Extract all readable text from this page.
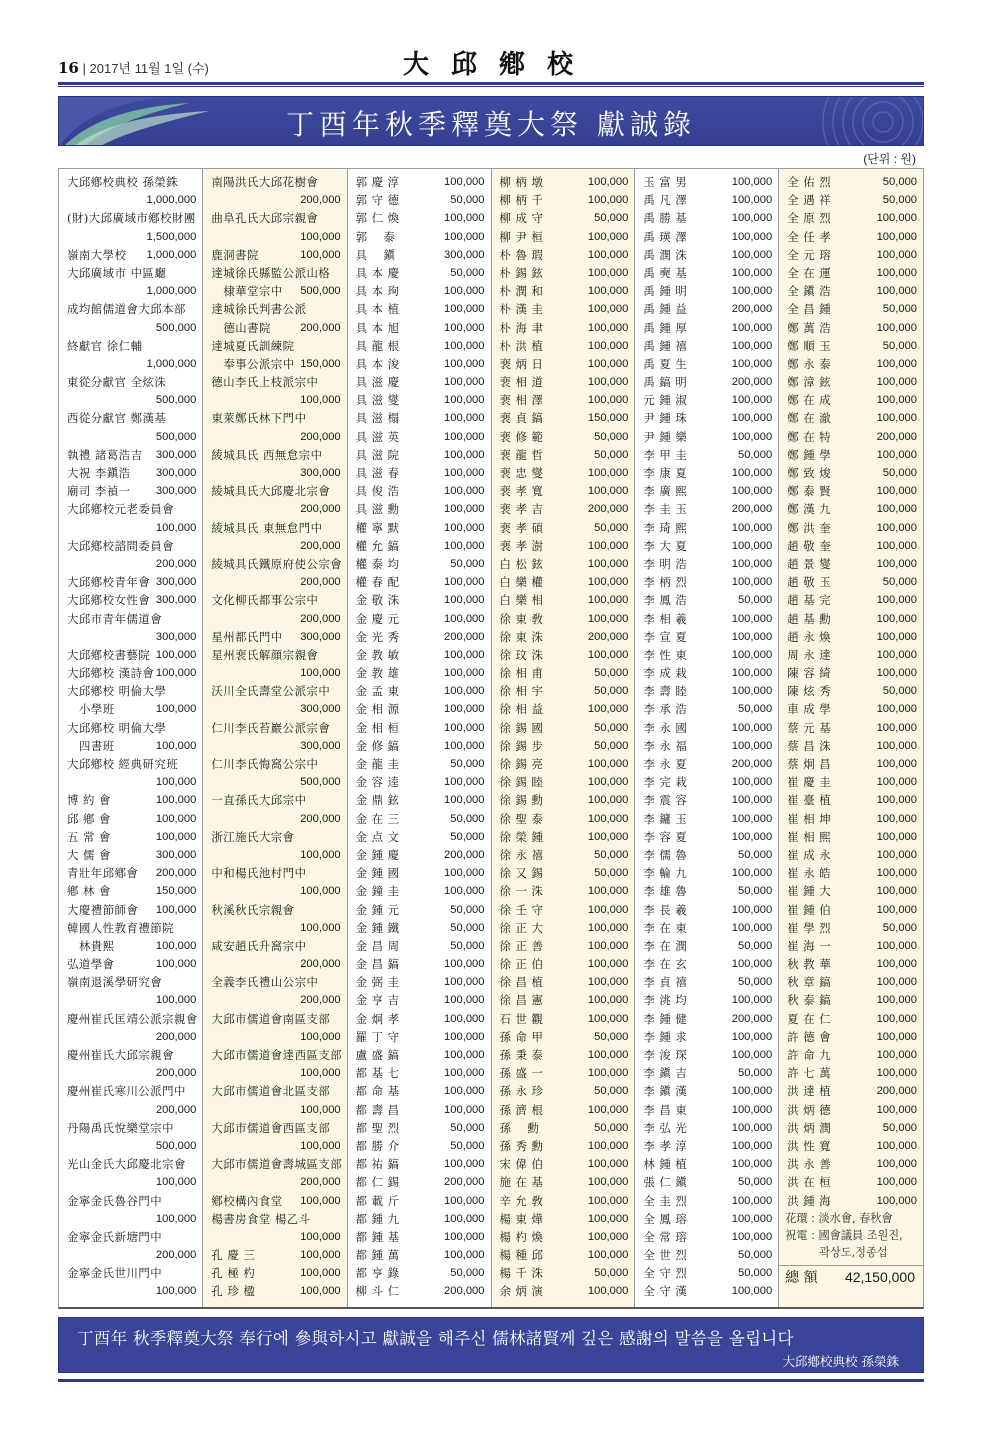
16 | 2017년 11월 1일 (수)	大邱鄕校
丁酉年秋季釋奠大祭 獻誠錄
(단위 : 원)
大邱鄕校典校 孫榮銖
1,000,000
(財)大邱廣域市鄕校財團
1,500,000
嶺南大學校 1,000,000
大邱廣域市 中區廳
1,000,000
成均館儒道會大邱本部
500,000
終獻官 徐仁輔
1,000,000
東從分獻官 全炫洙
500,000
西從分獻官 鄭漢基
500,000
執禮 諸葛浩吉 300,000
大祝 李鎭浩 300,000
廟司 李禎一 300,000
大邱鄕校元老委員會
100,000
大邱鄕校諮問委員會
200,000
大邱鄕校青年會 300,000
大邱鄕校女性會 300,000
大邱市青年儒道會
300,000
大邱鄕校書藝院 100,000
大邱鄕校 漢詩會 100,000
大邱鄕校 明倫大學
小學班	100,000
大邱鄕校 明倫大學
四書班	100,000
大邱鄕校 經典研究班
100,000
博 約 會	100,000
邱 鄕 會	100,000
五 常 會	100,000
大 儒 會	300,000
青壯年邱鄕會 200,000
鄕 林 會	150,000
大慶禮節師會 100,000
韓國人性教育禮節院
林貴熙	100,000
弘道學會	100,000
嶺南退溪學研究會
100,000
慶州崔氏匡靖公派宗親會
200,000
慶州崔氏大邱宗親會
200,000
慶州崔氏寒川公派門中
200,000
丹陽禹氏悅樂堂宗中
500,000
光山金氏大邱慶北宗會
100,000
金寧金氏魯谷門中
100,000
金寧金氏新塘門中
200,000
金寧金氏世川門中
100,000
南陽洪氏大邱花樹會
200,000
曲阜孔氏大邱宗親會
100,000
鹿洞書院	100,000
達城徐氏縣監公派山格
棣華堂宗中 500,000
達城徐氏判書公派
德山書院	200,000
達城夏氏訓練院
奉事公派宗中 150,000
德山李氏上枝派宗中
100,000
東萊鄭氏林下門中
200,000
綾城具氏 西無怠宗中
300,000
綾城具氏大邱慶北宗會
200,000
綾城具氏 東無怠門中
200,000
綾城具氏鐵原府使公宗會
200,000
文化柳氏都事公宗中
200,000
星州都氏門中 300,000
星州裵氏解顔宗親會
100,000
沃川全氏壽堂公派宗中
300,000
仁川李氏苔巖公派宗會
300,000
仁川李氏悔窩公宗中
500,000
一直孫氏大邱宗中
200,000
浙江施氏大宗會
100,000
中和楊氏池村門中
100,000
秋溪秋氏宗親會
100,000
咸安趙氏升窩宗中
200,000
全義李氏禮山公宗中
200,000
大邱市儒道會南區支部
100,000
大邱市儒道會達西區支部
100,000
大邱市儒道會北區支部
100,000
大邱市儒道會西區支部
100,000
大邱市儒道會壽城區支部
200,000
鄕校構內食堂 100,000
楊書房食堂 楊乙斗
100,000
孔 慶 三	100,000
孔 極 杓	100,000
孔 珍 楹	100,000
郭 慶 淳	100,000
郭 守 德	50,000
郭 仁 煥	100,000
郭　 泰	100,000
具　 鎭	300,000
具 本 慶	50,000
具 本 珣	100,000
具 本 植	100,000
具 本 旭	100,000
具 龍 根	100,000
具 本 浚	100,000
具 滋 慶	100,000
具 滋 燮	100,000
具 滋 榻	100,000
具 滋 英	100,000
具 滋 院	100,000
具 滋 春	100,000
具 俊 浩	100,000
具 滋 勳	100,000
權 寧 默	100,000
權 允 鎬	100,000
權 泰 均	50,000
權 春 配	100,000
金 敬 洙	100,000
金 慶 元	100,000
金 光 秀	200,000
金 教 敏	100,000
金 教 雄	100,000
金 孟 東	100,000
金 相 源	100,000
金 相 桓	100,000
金 修 鎬	100,000
金 龍 圭	50,000
金 容 逵	100,000
金 鼎 鉉	100,000
金 在 三	50,000
金 点 文	50,000
金 鍾 慶	200,000
金 鍾 國	100,000
金 鐘 圭	100,000
金 鍾 元	50,000
金 鍾 鐵	50,000
金 昌 周	50,000
金 昌 鎬	100,000
金 弼 圭	100,000
金 亨 吉	100,000
金 炯 孝	100,000
羅 丁 守	100,000
盧 盛 鎬	100,000
都 基 七	100,000
都 命 基	100,000
都 壽 昌	100,000
都 聖 烈	50,000
都 勝 介	50,000
都 祐 鎬	100,000
都 仁 錫	200,000
都 載 斤	100,000
都 鍾 九	100,000
都 鍾 基	100,000
都 鍾 萬	100,000
都 亨 錄	50,000
柳 斗 仁	200,000
柳 柄 墩	100,000
柳 柄 千	100,000
柳 成 守	50,000
柳 尹 桓	100,000
朴 魯 瑕	100,000
朴 錫 鉉	100,000
朴 潤 和	100,000
朴 漢 圭	100,000
朴 海 聿	100,000
朴 洪 植	100,000
裵 炳 日	100,000
裵 相 道	100,000
裵 相 澤	100,000
裵 貞 鎬	150,000
裵 修 範	50,000
裵 龍 哲	50,000
裵 忠 燮	100,000
裵 孝 寬	100,000
裵 孝 吉	200,000
裵 孝 碩	50,000
裵 孝 澍	100,000
白 松 鉉	100,000
白 樂 權	100,000
白 樂 相	100,000
徐 東 敎	100,000
徐 東 洙	200,000
徐 玟 洙	100,000
徐 相 甫	50,000
徐 相 宇	50,000
徐 相 益	100,000
徐 錫 國	50,000
徐 錫 步	50,000
徐 錫 亮	100,000
徐 錫 睦	100,000
徐 錫 勳	100,000
徐 聖 泰	100,000
徐 榮 鍾	100,000
徐 永 禧	50,000
徐 又 錫	50,000
徐 一 洙	100,000
徐 壬 守	100,000
徐 正 大	100,000
徐 正 善	100,000
徐 正 伯	100,000
徐 昌 植	100,000
徐 昌 憲	100,000
石 世 觀	100,000
孫 命 甲	50,000
孫 秉 泰	100,000
孫 盛 一	100,000
孫 永 珍	50,000
孫 濟 根	100,000
孫　 勳	50,000
孫 秀 勳	100,000
宋 偉 伯	100,000
施 在 基	100,000
辛 允 敎	100,000
楊 東 燁	100,000
楊 杓 煥	100,000
楊 種 邱	100,000
楊 千 洙	50,000
余 炳 演	100,000
玉 富 男	100,000
禹 凡 澤	100,000
禹 勝 基	100,000
禹 瑛 澤	100,000
禹 潤 洙	100,000
禹 奭 基	100,000
禹 鍾 明	100,000
禹 鍾 益	200,000
禹 鍾 厚	100,000
禹 鍾 禧	100,000
禹 夏 生	100,000
禹 鎬 明	200,000
元 鍾 淑	100,000
尹 鍾 珠	100,000
尹 鍾 樂	100,000
李 甲 圭	50,000
李 康 夏	100,000
李 廣 熙	100,000
李 圭 玉	200,000
李 琦 熙	100,000
李 大 夏	100,000
李 明 浩	100,000
李 柄 烈	100,000
李 鳳 浩	50,000
李 相 羲	100,000
李 宣 夏	100,000
李 性 東	100,000
李 成 栽	100,000
李 壽 睦	100,000
李 承 浩	50,000
李 永 國	100,000
李 永 福	100,000
李 永 夏	200,000
李 完 栽	100,000
李 震 容	100,000
李 鏞 玉	100,000
李 容 夏	100,000
李 儒 魯	50,000
李 輪 九	100,000
李 雄 魯	50,000
李 長 羲	100,000
李 在 東	100,000
李 在 潤	50,000
李 在 玄	100,000
李 貞 禧	50,000
李 洮 均	100,000
李 鍾 健	200,000
李 鍾 求	100,000
李 浚 琛	100,000
李 鎭 吉	50,000
李 鎭 漢	100,000
李 昌 東	100,000
李 弘 光	100,000
李 孝 淳	100,000
林 鍾 植	100,000
張 仁 鎭	50,000
全 圭 烈	100,000
全 鳳 瑢	100,000
全 常 瑢	100,000
全 世 烈	50,000
全 守 烈	50,000
全 守 漢	100,000
全 佑 烈	50,000
全 遇 祥	50,000
全 原 烈	100,000
全 任 孝	100,000
全 元 瑢	100,000
全 在 運	100,000
全 鎭 浩	100,000
全 昌 鍾	50,000
鄭 萬 浩	100,000
鄭 順 玉	50,000
鄭 永 泰	100,000
鄭 漳 鉉	100,000
鄭 在 成	100,000
鄭 在 澈	100,000
鄭 在 特	200,000
鄭 鍾 學	100,000
鄭 致 焌	50,000
鄭 泰 賢	100,000
鄭 漢 九	100,000
鄭 洪 奎	100,000
趙 敬 奎	100,000
趙 景 燮	100,000
趙 敬 玉	50,000
趙 基 完	100,000
趙 基 勳	100,000
趙 永 煥	100,000
周 永 達	100,000
陳 容 綺	100,000
陳 炫 秀	50,000
車 成 學	100,000
蔡 元 基	100,000
蔡 昌 洙	100,000
蔡 炯 昌	100,000
崔 慶 圭	100,000
崔 臺 植	100,000
崔 相 坤	100,000
崔 相 熙	100,000
崔 成 永	100,000
崔 永 皓	100,000
崔 鍾 大	100,000
崔 鍾 伯	100,000
崔 學 烈	50,000
崔 海 一	100,000
秋 教 華	100,000
秋 章 鎬	100,000
秋 泰 鎬	100,000
夏 在 仁	100,000
許 德 會	100,000
許 命 九	100,000
許 七 萬	100,000
洪 達 植	200,000
洪 炳 德	100,000
洪 炳 潤	50,000
洪 性 寬	100,000
洪 永 善	100,000
洪 在 桓	100,000
洪 鍾 海	100,000
花環 : 淡水會, 春秋會
祝電 : 國會議員 조원진,
곽상도,정종섭
總 額 42,150,000
丁酉年 秋季釋奠大祭 奉行에 參與하시고 獻誠을 해주신 儒林諸賢께 깊은 感謝의 말씀을 올립니다
大邱鄕校典校 孫榮銖
